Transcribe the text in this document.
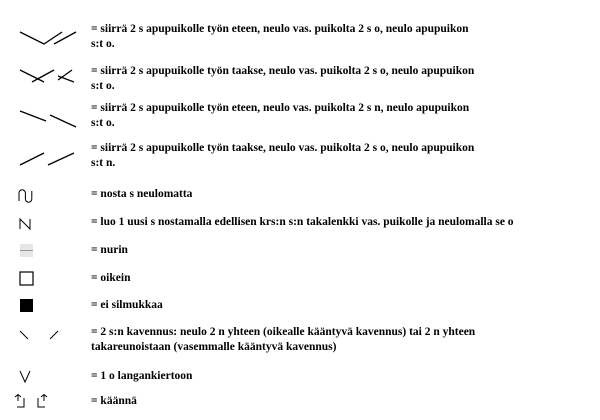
= siirrä 2 s apupuikolle työn eteen, neulo vas. puikolta 2 s o, neulo apupuikon
s:t o.
= siirrä 2 s apupuikolle työn taakse, neulo vas. puikolta 2 s o, neulo apupuikon
s:t o.
= siirrä 2 s apupuikolle työn eteen, neulo vas. puikolta 2 s n, neulo apupuikon
s:t o.
= siirrä 2 s apupuikolle työn taakse, neulo vas. puikolta 2 s o, neulo apupuikon
s:t n.
= nosta s neulomatta
= luo 1 uusi s nostamalla edellisen krs:n s:n takalenkki vas. puikolle ja neulomalla se o
= nurin
= oikein
= ei silmukkaa
= 2 s:n kavennus: neulo 2 n yhteen (oikealle kääntyvä kavennus) tai 2 n yhteen
takareunoistaan (vasemmalle kääntyvä kavennus)
= 1 o langankiertoon
= käännä
